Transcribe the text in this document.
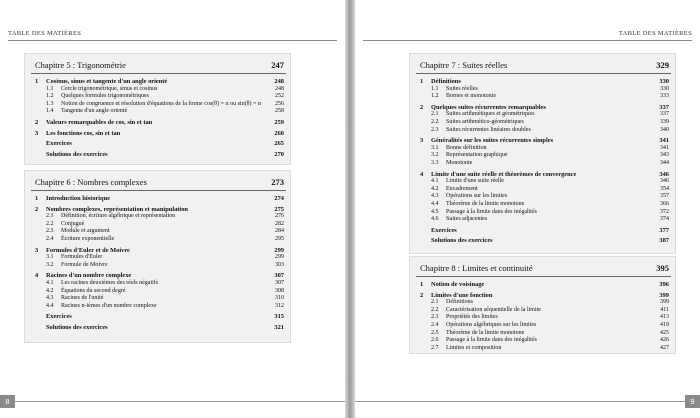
TABLE DES MATIÈRES
Chapitre 5 : Trigonométrie	247
1 Cosinus, sinus et tangente d'un angle orienté	248
1.1 Cercle trigonométrique, sinus et cosinus	248
1.2 Quelques formules trigonométriques	252
1.3 Notion de congruence et résolution d'équations de la forme cos(θ) = α ou sin(θ) = α 256
1.4 Tangente d'un angle orienté	258
2 Valeurs remarquables de cos, sin et tan	259
3 Les fonctions cos, sin et tan	260
Exercices	265
Solutions des exercices	270
Chapitre 6 : Nombres complexes	273
1 Introduction historique	274
2 Nombres complexes, représentation et manipulation	275
2.1 Définition, écriture algébrique et représentation	276
2.2 Conjugué	282
2.3 Module et argument	284
2.4 Écriture exponentielle	295
3 Formules d'Euler et de Moivre	299
3.1 Formules d'Euler	299
3.2 Formule de Moivre	303
4 Racines d'un nombre complexe	307
4.1 Les racines deuxièmes des réels négatifs	307
4.2 Équations du second degré	308
4.3 Racines de l'unité	310
4.4 Racines n-ièmes d'un nombre complexe	312
Exercices	315
Solutions des exercices	321
8
TABLE DES MATIÈRES
Chapitre 7 : Suites réelles	329
1 Définitions	330
1.1 Suites réelles	330
1.2 Bornes et monotonie	333
2 Quelques suites récurrentes remarquables	337
2.1 Suites arithmétiques et géométriques	337
2.2 Suites arithmético-géométriques	339
2.3 Suites récurrentes linéaires doubles	340
3 Généralités sur les suites récurrentes simples	341
3.1 Bonne définition	341
3.2 Représentation graphique	343
3.3 Monotonie	344
4 Limite d'une suite réelle et théorèmes de convergence	346
4.1 Limite d'une suite réelle	346
4.2 Encadrement	354
4.3 Opérations sur les limites	357
4.4 Théorème de la limite monotone	366
4.5 Passage à la limite dans des inégalités	372
4.6 Suites adjacentes	374
Exercices	377
Solutions des exercices	387
Chapitre 8 : Limites et continuité	395
1 Notion de voisinage	396
2 Limites d'une fonction	399
2.1 Définitions	399
2.2 Caractérisation séquentielle de la limite	411
2.3 Propriétés des limites	413
2.4 Opérations algébriques sur les limites	419
2.5 Théorème de la limite monotone	425
2.6 Passage à la limite dans des inégalités	426
2.7 Limites et composition	427
9
